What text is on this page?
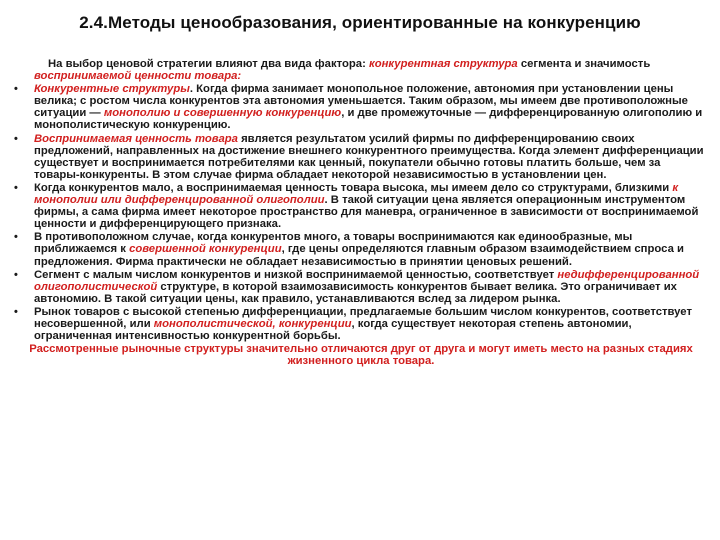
2.4.Методы ценообразования, ориентированные на конкуренцию

На выбор ценовой стратегии влияют два вида фактора: конкурентная структура сегмента и значимость воспринимаемой ценности товара:

•	Конкурентные структуры. Когда фирма занимает монопольное положение, автономия при установлении цены велика; с ростом числа конкурентов эта автономия уменьшается. Таким образом, мы имеем две противоположные ситуации — монополию и совершенную конкуренцию, и две промежуточные — дифференцированную олигополию и монополистическую конкуренцию.
•	Воспринимаемая ценность товара является результатом усилий фирмы по дифференцированию своих предложений, направленных на достижение внешнего конкурентного преимущества. Когда элемент дифференциации существует и воспринимается потребителями как ценный, покупатели обычно готовы платить больше, чем за товары-конкуренты. В этом случае фирма обладает некоторой независимостью в установлении цен.
•	Когда конкурентов мало, а воспринимаемая ценность товара высока, мы имеем дело со структурами, близкими к монополии или дифференцированной олигополии. В такой ситуации цена является операционным инструментом фирмы, а сама фирма имеет некоторое пространство для маневра, ограниченное в зависимости от воспринимаемой ценности и дифференцирующего признака.
•	В противоположном случае, когда конкурентов много, а товары воспринимаются как единообразные, мы приближаемся к совершенной конкуренции, где цены определяются главным образом взаимодействием спроса и предложения. Фирма практически не обладает независимостью в принятии ценовых решений.
•	Сегмент с малым числом конкурентов и низкой воспринимаемой ценностью, соответствует недифференцированной олигополистической структуре, в которой взаимозависимость конкурентов бывает велика. Это ограничивает их автономию. В такой ситуации цены, как правило, устанавливаются вслед за лидером рынка.
•	Рынок товаров с высокой степенью дифференциации, предлагаемые большим числом конкурентов, соответствует несовершенной, или монополистической, конкуренции, когда существует некоторая степень автономии, ограниченная интенсивностью конкурентной борьбы.
Рассмотренные рыночные структуры значительно отличаются друг от друга и могут иметь место на разных стадиях жизненного цикла товара.
